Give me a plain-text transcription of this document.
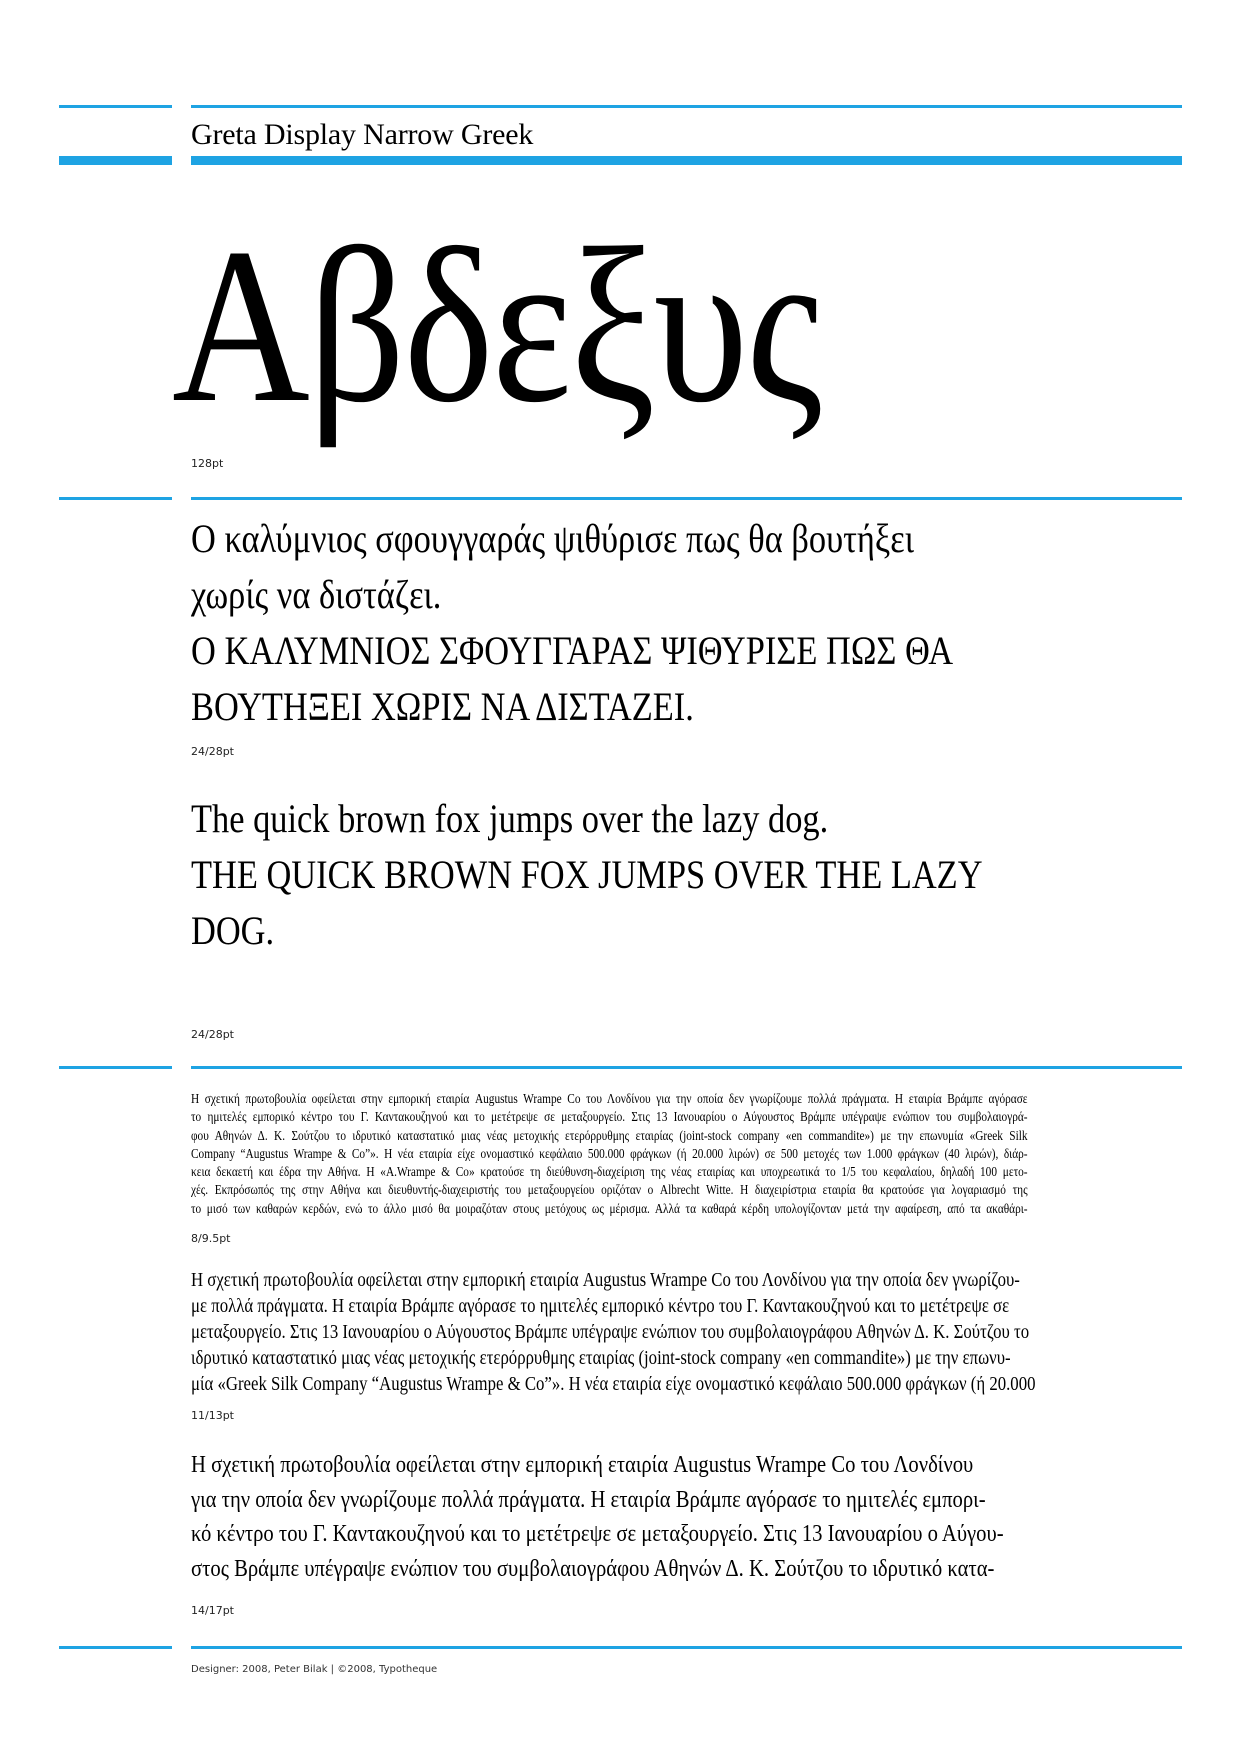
Greta Display Narrow Greek
Αβδεξυς
128pt
Ο καλύμνιος σφουγγαράς ψιθύρισε πως θα βουτήξει
χωρίς να διστάζει.
Ο ΚΑΛΥΜΝΙΟΣ ΣΦΟΥΓΓΑΡΑΣ ΨΙΘΥΡΙΣΕ ΠΩΣ ΘΑ
ΒΟΥΤΗΞΕΙ ΧΩΡΙΣ ΝΑ ΔΙΣΤΑΖΕΙ.
24/28pt
The quick brown fox jumps over the lazy dog.
THE QUICK BROWN FOX JUMPS OVER THE LAZY
DOG.
24/28pt
Η σχετική πρωτοβουλία οφείλεται στην εμπορική εταιρία Augustus Wrampe Co του Λονδίνου για την οποία δεν γνωρίζουμε πολλά πράγματα. Η εταιρία Βράμπε αγόρασε
το ημιτελές εμπορικό κέντρο του Γ. Καντακουζηνού και το μετέτρεψε σε μεταξουργείο. Στις 13 Ιανουαρίου ο Αύγουστος Βράμπε υπέγραψε ενώπιον του συμβολαιογρά-
φου Αθηνών Δ. Κ. Σούτζου το ιδρυτικό καταστατικό μιας νέας μετοχικής ετερόρρυθμης εταιρίας (joint-stock company «en commandite») με την επωνυμία «Greek Silk
Company “Augustus Wrampe & Co”». Η νέα εταιρία είχε ονομαστικό κεφάλαιο 500.000 φράγκων (ή 20.000 λιρών) σε 500 μετοχές των 1.000 φράγκων (40 λιρών), διάρ-
κεια δεκαετή και έδρα την Αθήνα. Η «A.Wrampe & Co» κρατούσε τη διεύθυνση-διαχείριση της νέας εταιρίας και υποχρεωτικά το 1/5 του κεφαλαίου, δηλαδή 100 μετο-
χές. Εκπρόσωπός της στην Αθήνα και διευθυντής-διαχειριστής του μεταξουργείου οριζόταν ο Albrecht Witte. Η διαχειρίστρια εταιρία θα κρατούσε για λογαριασμό της
το μισό των καθαρών κερδών, ενώ το άλλο μισό θα μοιραζόταν στους μετόχους ως μέρισμα. Αλλά τα καθαρά κέρδη υπολογίζονταν μετά την αφαίρεση, από τα ακαθάρι-
8/9.5pt
Η σχετική πρωτοβουλία οφείλεται στην εμπορική εταιρία Augustus Wrampe Co του Λονδίνου για την οποία δεν γνωρίζου-
με πολλά πράγματα. Η εταιρία Βράμπε αγόρασε το ημιτελές εμπορικό κέντρο του Γ. Καντακουζηνού και το μετέτρεψε σε
μεταξουργείο. Στις 13 Ιανουαρίου ο Αύγουστος Βράμπε υπέγραψε ενώπιον του συμβολαιογράφου Αθηνών Δ. Κ. Σούτζου το
ιδρυτικό καταστατικό μιας νέας μετοχικής ετερόρρυθμης εταιρίας (joint-stock company «en commandite») με την επωνυ-
μία «Greek Silk Company “Augustus Wrampe & Co”». Η νέα εταιρία είχε ονομαστικό κεφάλαιο 500.000 φράγκων (ή 20.000
11/13pt
Η σχετική πρωτοβουλία οφείλεται στην εμπορική εταιρία Augustus Wrampe Co του Λονδίνου
για την οποία δεν γνωρίζουμε πολλά πράγματα. Η εταιρία Βράμπε αγόρασε το ημιτελές εμπορι-
κό κέντρο του Γ. Καντακουζηνού και το μετέτρεψε σε μεταξουργείο. Στις 13 Ιανουαρίου ο Αύγου-
στος Βράμπε υπέγραψε ενώπιον του συμβολαιογράφου Αθηνών Δ. Κ. Σούτζου το ιδρυτικό κατα-
14/17pt
Designer: 2008, Peter Bilak | ©2008, Typotheque
